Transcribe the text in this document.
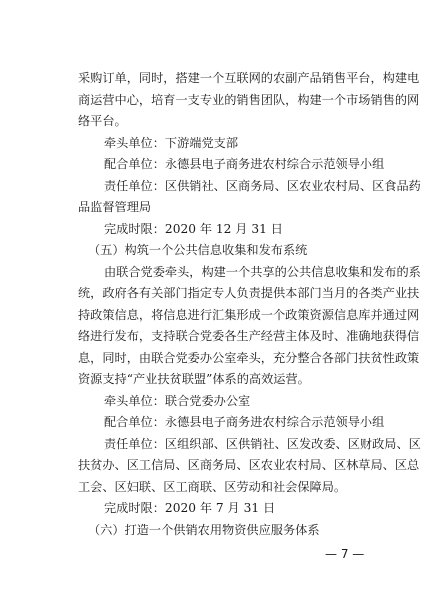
采购订单，同时，搭建一个互联网的农副产品销售平台，构建电
商运营中心，培育一支专业的销售团队，构建一个市场销售的网
络平台。
牵头单位：下游端党支部
配合单位：永德县电子商务进农村综合示范领导小组
责任单位：区供销社、区商务局、区农业农村局、区食品药
品监督管理局
完成时限：2020 年 12 月 31 日
（五）构筑一个公共信息收集和发布系统
由联合党委牵头，构建一个共享的公共信息收集和发布的系
统，政府各有关部门指定专人负责提供本部门当月的各类产业扶
持政策信息，将信息进行汇集形成一个政策资源信息库并通过网
络进行发布，支持联合党委各生产经营主体及时、准确地获得信
息，同时，由联合党委办公室牵头，充分整合各部门扶贫性政策
资源支持“产业扶贫联盟”体系的高效运营。
牵头单位：联合党委办公室
配合单位：永德县电子商务进农村综合示范领导小组
责任单位：区组织部、区供销社、区发改委、区财政局、区
扶贫办、区工信局、区商务局、区农业农村局、区林草局、区总
工会、区妇联、区工商联、区劳动和社会保障局。
完成时限：2020 年 7 月 31 日
（六）打造一个供销农用物资供应服务体系
— 7 —
